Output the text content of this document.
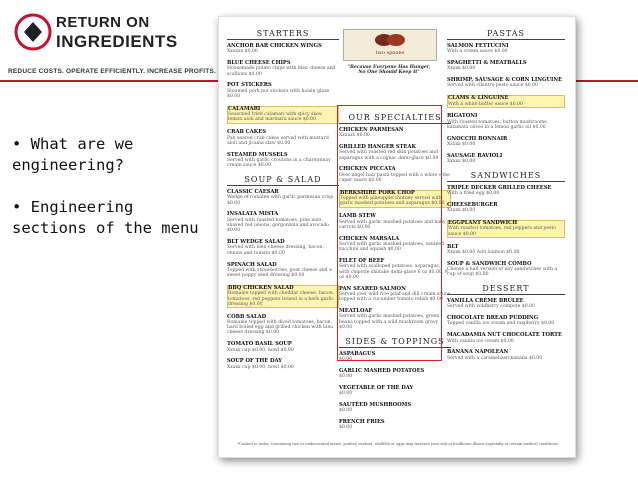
RETURN ON
INGREDIENTS
REDUCE COSTS. OPERATE EFFICIENTLY. INCREASE PROFITS.
• What are we engineering?
• Engineering sections of the menu
STARTERS
ANCHOR BAR CHICKEN WINGS
Xxxxxx $0.00
BLUE CHEESE CHIPS
Housemade potato chips with bleu cheese and scallions $0.00
POT STICKERS
Steamed pork pot stickers with hoisin glaze $0.00
CALAMARI
Seasoned fried calamari with spicy slaw, lemon aioli and marinara sauce $0.00
CRAB CAKES
Pan seared crab cakes served with mustard aioli and jicama slaw $0.00
STEAMED MUSSELS
Served with garlic croutons in a chardonnay cream sauce $0.00
SOUP & SALAD
CLASSIC CAESAR
Wedge of romaine with garlic parmesan crisp $0.00
INSALATA MISTA
Served with roasted tomatoes, pine nuts, shaved red onions, gorgonzola and avocado $0.00
BLT WEDGE SALAD
Served with bleu cheese dressing, bacon, onions and tomato $0.00
SPINACH SALAD
Topped with strawberries, goat cheese and a sweet poppy seed dressing $0.00
BBQ CHICKEN SALAD
Romaine topped with cheddar cheese, bacon, tomatoes, red peppers tossed in a herb garlic dressing $0.00
COBB SALAD
Romaine topped with diced tomatoes, bacon, hard boiled egg and grilled chicken with bleu cheese dressing $0.00
TOMATO BASIL SOUP
Xxxxx cup $0.00, bowl $0.00
SOUP OF THE DAY
Xxxxx cup $0.00, bowl $0.00
two spoons
"Because Everyone Has Hunger, No One Should Keep It"
OUR SPECIALTIES
CHICKEN PARMESAN
Xxxxxx $0.00
GRILLED HANGER STEAK
Served with roasted red skin potatoes and asparagus with a cognac demi-glace $0.00
CHICKEN PICCATA
Over angel hair pasta topped with a white wine caper sauce $0.00
BERKSHIRE PORK CHOP
Topped with pineapple chutney served with garlic mashed potatoes and asparagus $0.00
LAMB STEW
Served with garlic mashed potatoes and baby carrots $0.00
CHICKEN MARSALA
Served with garlic mashed potatoes, sautéed zucchini and squash $0.00
FILET OF BEEF
Served with scalloped potatoes, asparagus, with chipotle shiitake demi-glace 6 oz $0.00, 9 oz $0.00
PAN SEARED SALMON
Served over wild rice pilaf and dill cream sauce topped with a cucumber tomato relish $0.00
MEATLOAF
Served with garlic mashed potatoes, green beans topped with a wild mushroom gravy $0.00
SIDES & TOPPINGS
ASPARAGUS
$0.00
GARLIC MASHED POTATOES
$0.00
VEGETABLE OF THE DAY
$0.00
SAUTÉED MUSHROOMS
$0.00
FRENCH FRIES
$0.00
PASTAS
SALMON FETTUCINI
With a cream sauce $0.00
SPAGHETTI & MEATBALLS
Xxxxx $0.00
SHRIMP, SAUSAGE & CORN LINGUINE
Served with cilantro pesto sauce $0.00
CLAMS & LINGUINE
With a white butter sauce $0.00
RIGATONI
With roasted tomatoes, button mushrooms, kalamata olives in a lemon garlic oil $0.00
GNOCCHI BONNAIR
Xxxxx $0.00
SAUSAGE RAVIOLI
Xxxxx $0.00
SANDWICHES
TRIPLE DECKER GRILLED CHEESE
With a fried egg $0.00
CHEESEBURGER
Xxxxx $0.00
EGGPLANT SANDWICH
With roasted tomatoes, red peppers and pesto sauce $0.00
BLT
Xxxxx $0.00 Add Salmon $0.00
SOUP & SANDWICH COMBO
Choose a half version of any sandwiches with a cup of soup $0.00
DESSERT
VANILLA CRÈME BRULEE
Served with wildberry compote $0.00
CHOCOLATE BREAD PUDDING
Topped vanilla ice cream and raspberry $0.00
MACADAMIA NUT CHOCOLATE TORTE
With vanilla ice cream $0.00
BANANA NAPOLEAN
Served with a caramelized banana $0.00
*Cooked to order. Consuming raw or undercooked meats, poultry, seafood, shellfish or eggs may increase your risk of foodborne illness especially in certain medical conditions.
